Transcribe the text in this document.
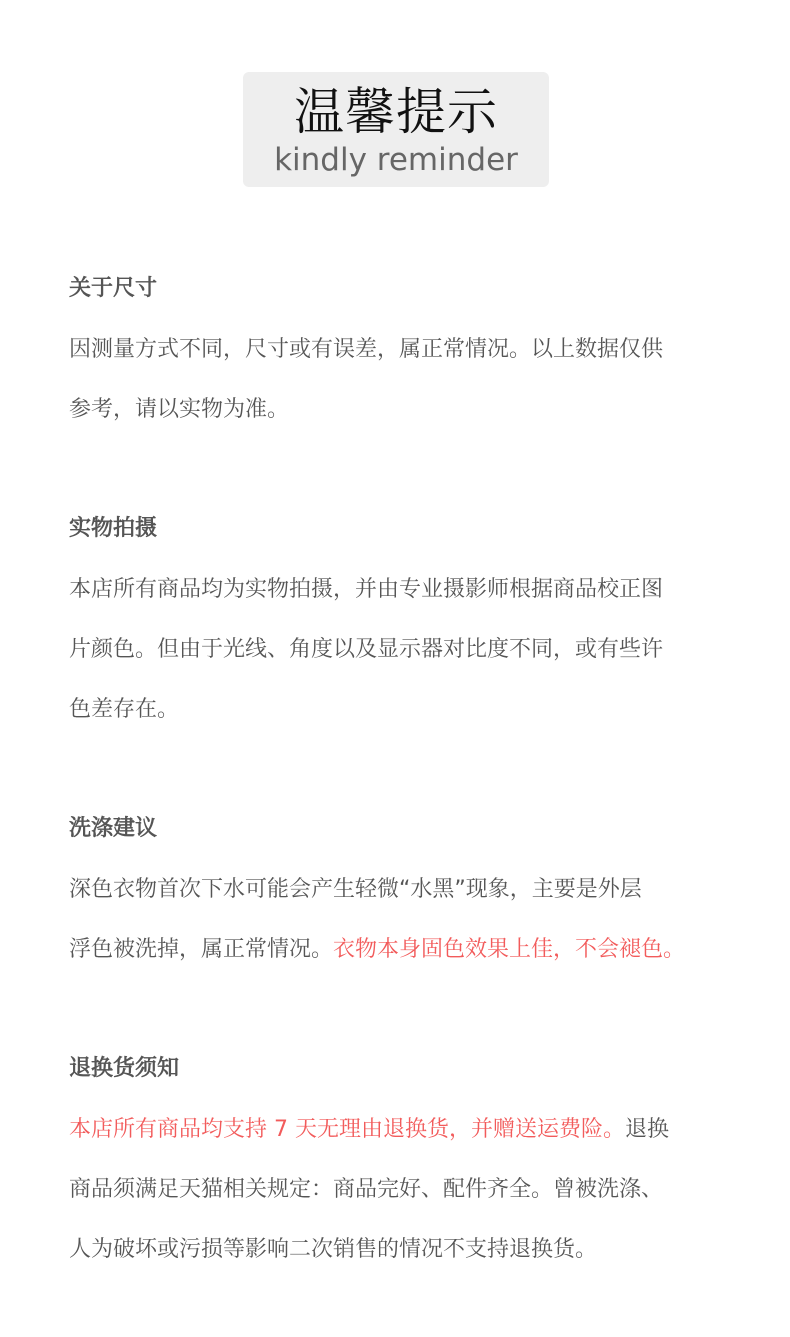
温馨提示
kindly reminder
关于尺寸
因测量方式不同，尺寸或有误差，属正常情况。以上数据仅供
参考，请以实物为准。
实物拍摄
本店所有商品均为实物拍摄，并由专业摄影师根据商品校正图
片颜色。但由于光线、角度以及显示器对比度不同，或有些许
色差存在。
洗涤建议
深色衣物首次下水可能会产生轻微“水黑”现象，主要是外层
浮色被洗掉，属正常情况。衣物本身固色效果上佳，不会褪色。
退换货须知
本店所有商品均支持 7 天无理由退换货，并赠送运费险。退换
商品须满足天猫相关规定：商品完好、配件齐全。曾被洗涤、
人为破坏或污损等影响二次销售的情况不支持退换货。
